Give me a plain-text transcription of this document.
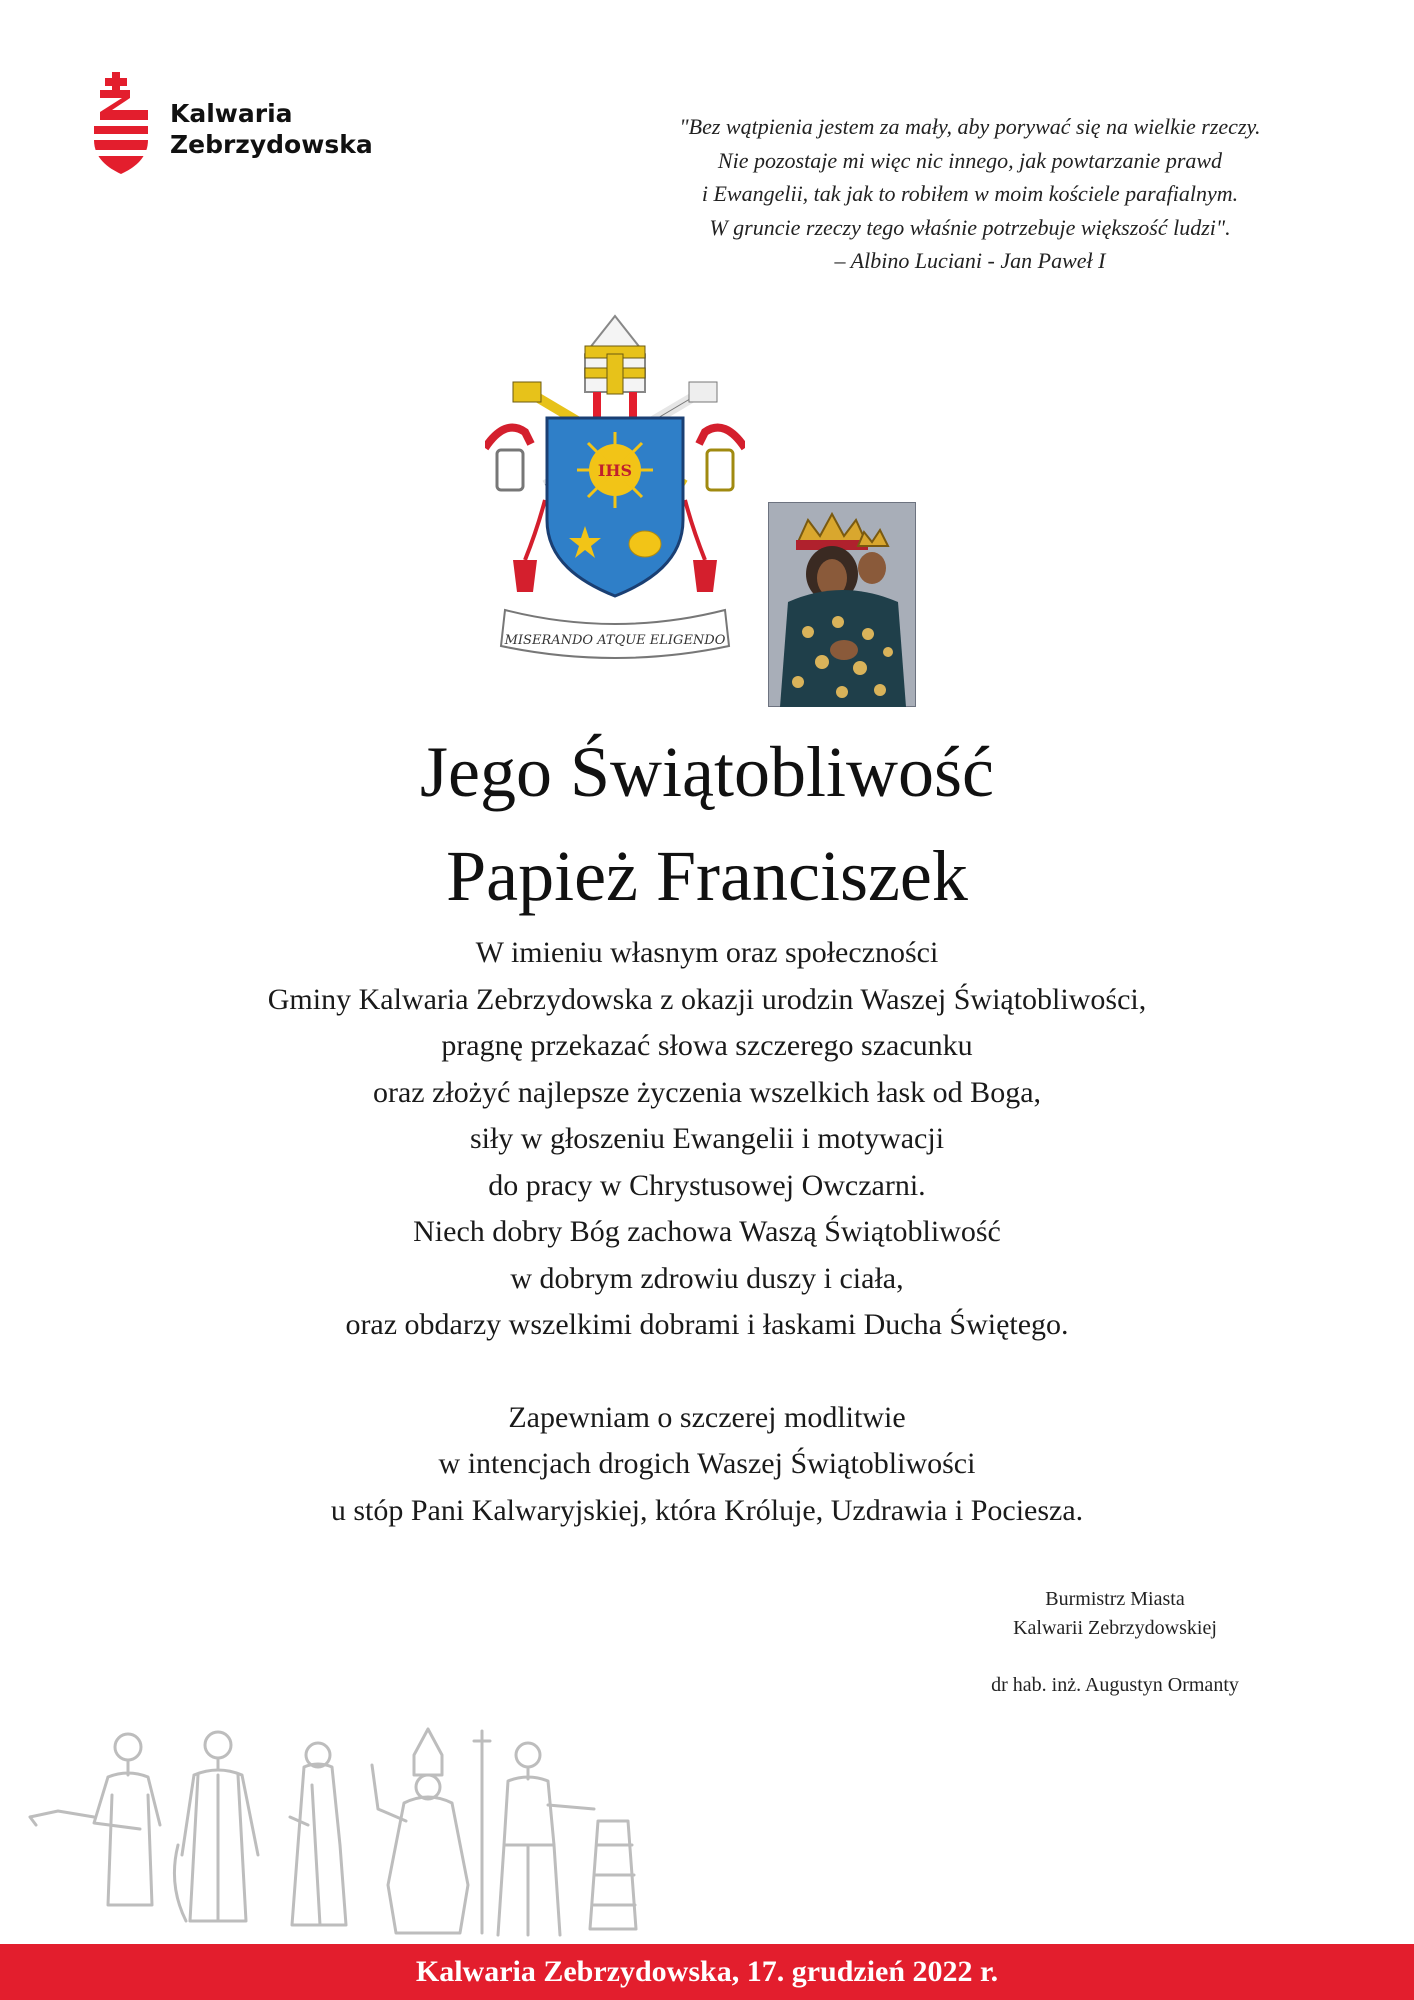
Kalwaria
Zebrzydowska
"Bez wątpienia jestem za mały, aby porywać się na wielkie rzeczy.
Nie pozostaje mi więc nic innego, jak powtarzanie prawd
i Ewangelii, tak jak to robiłem w moim kościele parafialnym.
W gruncie rzeczy tego właśnie potrzebuje większość ludzi".
– Albino Luciani - Jan Paweł I
IHS
MISERANDO ATQUE ELIGENDO
Jego Świątobliwość
Papież Franciszek
W imieniu własnym oraz społeczności
Gminy Kalwaria Zebrzydowska z okazji urodzin Waszej Świątobliwości,
pragnę przekazać słowa szczerego szacunku
oraz złożyć najlepsze życzenia wszelkich łask od Boga,
siły w głoszeniu Ewangelii i motywacji
do pracy w Chrystusowej Owczarni.
Niech dobry Bóg zachowa Waszą Świątobliwość
w dobrym zdrowiu duszy i ciała,
oraz obdarzy wszelkimi dobrami i łaskami Ducha Świętego.
Zapewniam o szczerej modlitwie
w intencjach drogich Waszej Świątobliwości
u stóp Pani Kalwaryjskiej, która Króluje, Uzdrawia i Pociesza.
Burmistrz Miasta
Kalwarii Zebrzydowskiej
dr hab. inż. Augustyn Ormanty
Kalwaria Zebrzydowska, 17. grudzień 2022 r.
